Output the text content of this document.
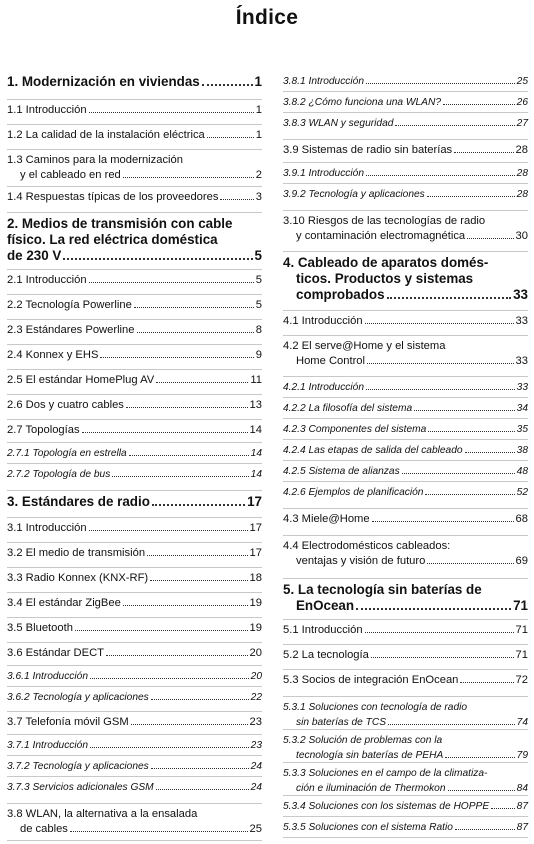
Índice
1. Modernización en viviendas	1
1.1 Introducción	1
1.2 La calidad de la instalación eléctrica	1
1.3 Caminos para la modernización
y el cableado en red	2
1.4 Respuestas típicas de los proveedores	3
2. Medios de transmisión con cable
físico. La red eléctrica doméstica
de 230 V	5
2.1 Introducción	5
2.2 Tecnología Powerline	5
2.3 Estándares Powerline	8
2.4 Konnex y EHS	9
2.5 El estándar HomePlug AV	11
2.6 Dos y cuatro cables	13
2.7 Topologías	14
2.7.1 Topología en estrella	14
2.7.2 Topología de bus	14
3. Estándares de radio	17
3.1 Introducción	17
3.2 El medio de transmisión	17
3.3 Radio Konnex (KNX-RF)	18
3.4 El estándar ZigBee	19
3.5 Bluetooth	19
3.6 Estándar DECT	20
3.6.1 Introducción	20
3.6.2 Tecnología y aplicaciones	22
3.7 Telefonía móvil GSM	23
3.7.1 Introducción	23
3.7.2 Tecnología y aplicaciones	24
3.7.3 Servicios adicionales GSM	24
3.8 WLAN, la alternativa a la ensalada
de cables	25
3.8.1 Introducción	25
3.8.2 ¿Cómo funciona una WLAN?	26
3.8.3 WLAN y seguridad	27
3.9 Sistemas de radio sin baterías	28
3.9.1 Introducción	28
3.9.2 Tecnología y aplicaciones	28
3.10 Riesgos de las tecnologías de radio
y contaminación electromagnética	30
4. Cableado de aparatos domés-
ticos. Productos y sistemas
comprobados	33
4.1 Introducción	33
4.2 El serve@Home y el sistema
Home Control	33
4.2.1 Introducción	33
4.2.2 La filosofía del sistema	34
4.2.3 Componentes del sistema	35
4.2.4 Las etapas de salida del cableado	38
4.2.5 Sistema de alianzas	48
4.2.6 Ejemplos de planificación	52
4.3 Miele@Home	68
4.4 Electrodomésticos cableados:
ventajas y visión de futuro	69
5. La tecnología sin baterías de
EnOcean	71
5.1 Introducción	71
5.2 La tecnología	71
5.3 Socios de integración EnOcean	72
5.3.1 Soluciones con tecnología de radio
sin baterías de TCS	74
5.3.2 Solución de problemas con la
tecnología sin baterías de PEHA	79
5.3.3 Soluciones en el campo de la climatiza-
ción e iluminación de Thermokon	84
5.3.4 Soluciones con los sistemas de HOPPE	87
5.3.5 Soluciones con el sistema Ratio	87
